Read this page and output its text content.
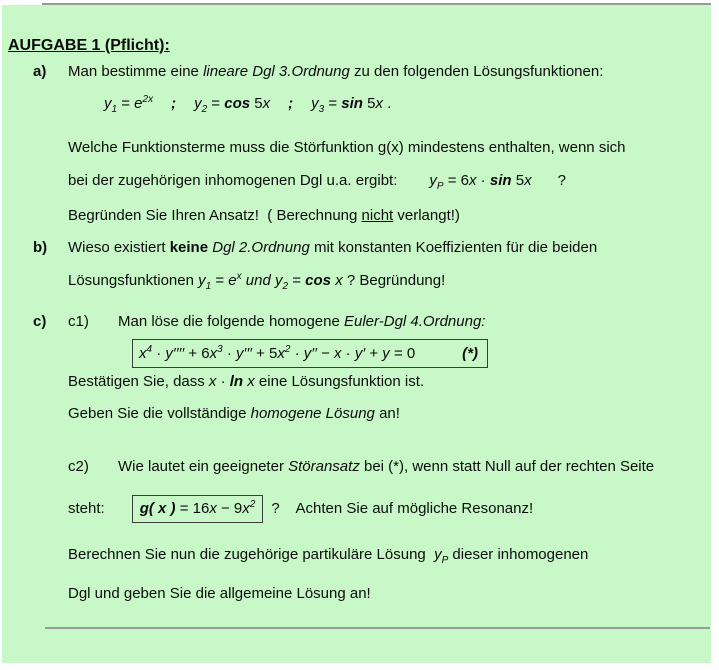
AUFGABE 1 (Pflicht):
a) Man bestimme eine lineare Dgl 3.Ordnung zu den folgenden Lösungsfunktionen:
$y_1 = e^{2x}$ ; $y_2 = \cos 5x$ ; $y_3 = \sin 5x$ .
Welche Funktionsterme muss die Störfunktion g(x) mindestens enthalten, wenn sich
bei der zugehörigen inhomogenen Dgl u.a. ergibt: $y_P = 6x \cdot \sin 5x$ ?
Begründen Sie Ihren Ansatz!  ( Berechnung nicht verlangt!)
b) Wieso existiert keine Dgl 2.Ordnung mit konstanten Koeffizienten für die beiden
Lösungsfunktionen $y_1 = e^x$ und $y_2 = \cos x$ ? Begründung!
c) c1) Man löse die folgende homogene Euler-Dgl 4.Ordnung:
$x^4 \cdot y'''' + 6x^3 \cdot y''' + 5x^2 \cdot y'' - x \cdot y' + y = 0$	(*)
Bestätigen Sie, dass x · ln x eine Lösungsfunktion ist.
Geben Sie die vollständige homogene Lösung an!
c2) Wie lautet ein geeigneter Störansatz bei (*), wenn statt Null auf der rechten Seite
steht: g( x ) = $16x - 9x^2$ ?    Achten Sie auf mögliche Resonanz!
Berechnen Sie nun die zugehörige partikuläre Lösung  $y_P$ dieser inhomogenen
Dgl und geben Sie die allgemeine Lösung an!
